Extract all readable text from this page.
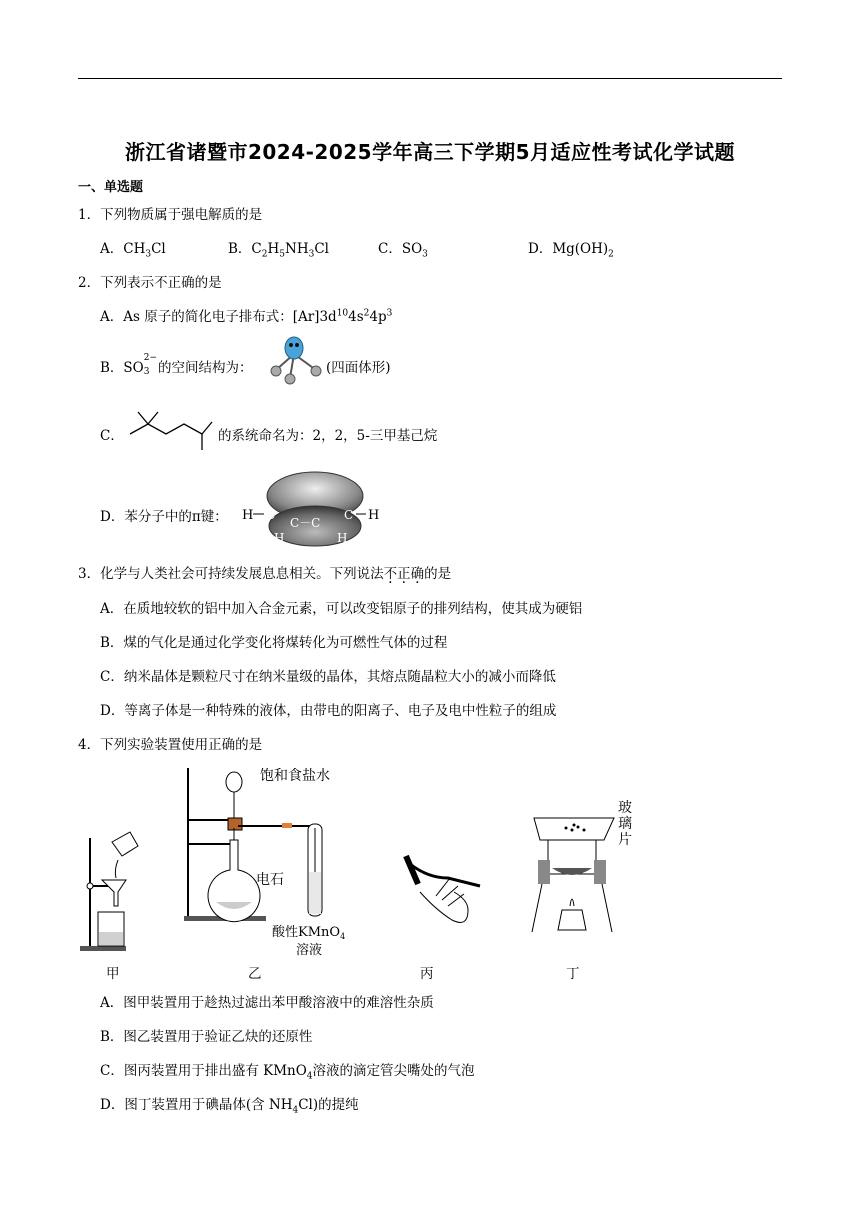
浙江省诸暨市2024-2025学年高三下学期5月适应性考试化学试题
一、单选题
1．下列物质属于强电解质的是
A．$CH_3Cl$	B．$C_2H_5NH_3Cl$	C．$SO_3$	D．$Mg(OH)_2$
2．下列表示不正确的是
A．As 原子的简化电子排布式：$[Ar]3d^{10}4s^24p^3$
B．SO
2−
3 的空间结构为：	(四面体形)
C．	的系统命名为：2，2，5-三甲基己烷
D．苯分子中的π键： H C
C－C
C H
H	H
3．化学与人类社会可持续发展息息相关。下列说法不正确的是
A．在质地较软的铝中加入合金元素，可以改变铝原子的排列结构，使其成为硬铝
B．煤的气化是通过化学变化将煤转化为可燃性气体的过程
C．纳米晶体是颗粒尺寸在纳米量级的晶体，其熔点随晶粒大小的减小而降低
D．等离子体是一种特殊的液体，由带电的阳离子、电子及电中性粒子的组成
4．下列实验装置使用正确的是
饱和食盐水
电石
酸性KMnO$_4$
溶液
玻
璃
片
甲	乙	丙	丁
A．图甲装置用于趁热过滤出苯甲酸溶液中的难溶性杂质
B．图乙装置用于验证乙炔的还原性
C．图丙装置用于排出盛有 KMnO$_4$溶液的滴定管尖嘴处的气泡
D．图丁装置用于碘晶体(含 $NH_4Cl$)的提纯
